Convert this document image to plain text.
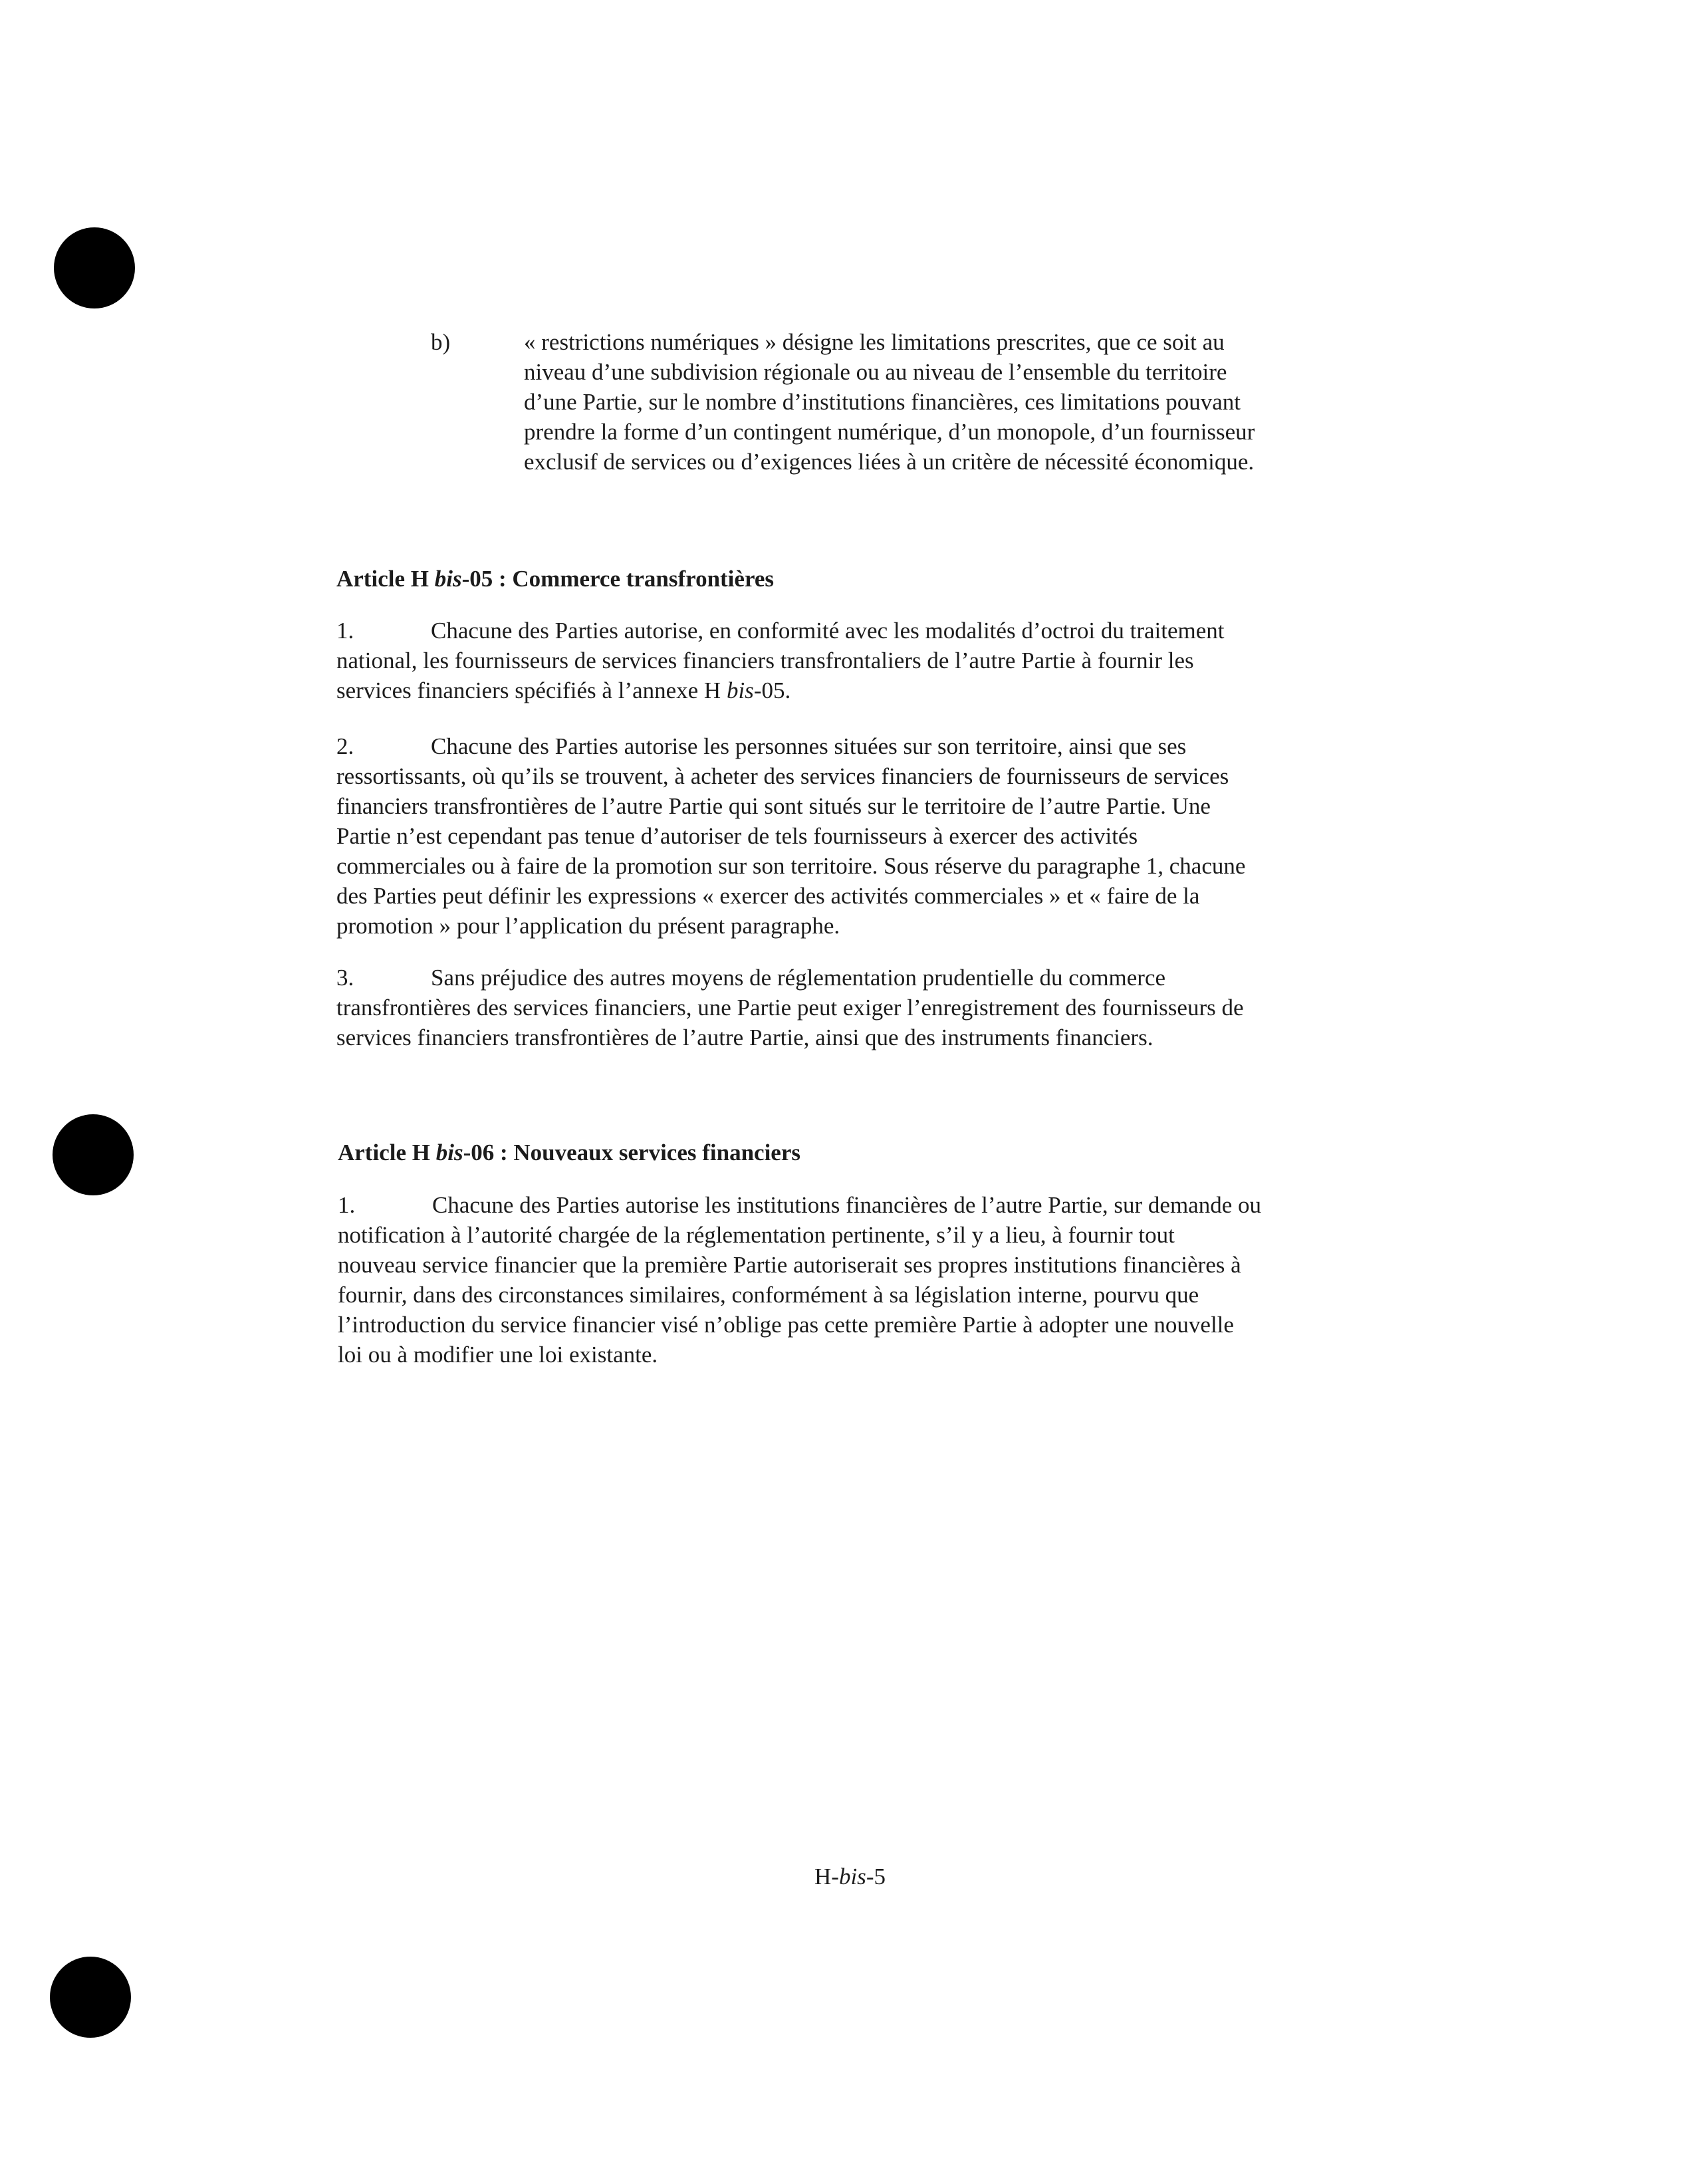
b)	« restrictions numériques » désigne les limitations prescrites, que ce soit au
niveau d’une subdivision régionale ou au niveau de l’ensemble du territoire
d’une Partie, sur le nombre d’institutions financières, ces limitations pouvant
prendre la forme d’un contingent numérique, d’un monopole, d’un fournisseur
exclusif de services ou d’exigences liées à un critère de nécessité économique.
Article H bis-05 : Commerce transfrontières
1.	Chacune des Parties autorise, en conformité avec les modalités d’octroi du traitement
national, les fournisseurs de services financiers transfrontaliers de l’autre Partie à fournir les
services financiers spécifiés à l’annexe H bis-05.
2.	Chacune des Parties autorise les personnes situées sur son territoire, ainsi que ses
ressortissants, où qu’ils se trouvent, à acheter des services financiers de fournisseurs de services
financiers transfrontières de l’autre Partie qui sont situés sur le territoire de l’autre Partie. Une
Partie n’est cependant pas tenue d’autoriser de tels fournisseurs à exercer des activités
commerciales ou à faire de la promotion sur son territoire. Sous réserve du paragraphe 1, chacune
des Parties peut définir les expressions « exercer des activités commerciales » et « faire de la
promotion » pour l’application du présent paragraphe.
3.	Sans préjudice des autres moyens de réglementation prudentielle du commerce
transfrontières des services financiers, une Partie peut exiger l’enregistrement des fournisseurs de
services financiers transfrontières de l’autre Partie, ainsi que des instruments financiers.
Article H bis-06 : Nouveaux services financiers
1.	Chacune des Parties autorise les institutions financières de l’autre Partie, sur demande ou
notification à l’autorité chargée de la réglementation pertinente, s’il y a lieu, à fournir tout
nouveau service financier que la première Partie autoriserait ses propres institutions financières à
fournir, dans des circonstances similaires, conformément à sa législation interne, pourvu que
l’introduction du service financier visé n’oblige pas cette première Partie à adopter une nouvelle
loi ou à modifier une loi existante.
H-bis-5
